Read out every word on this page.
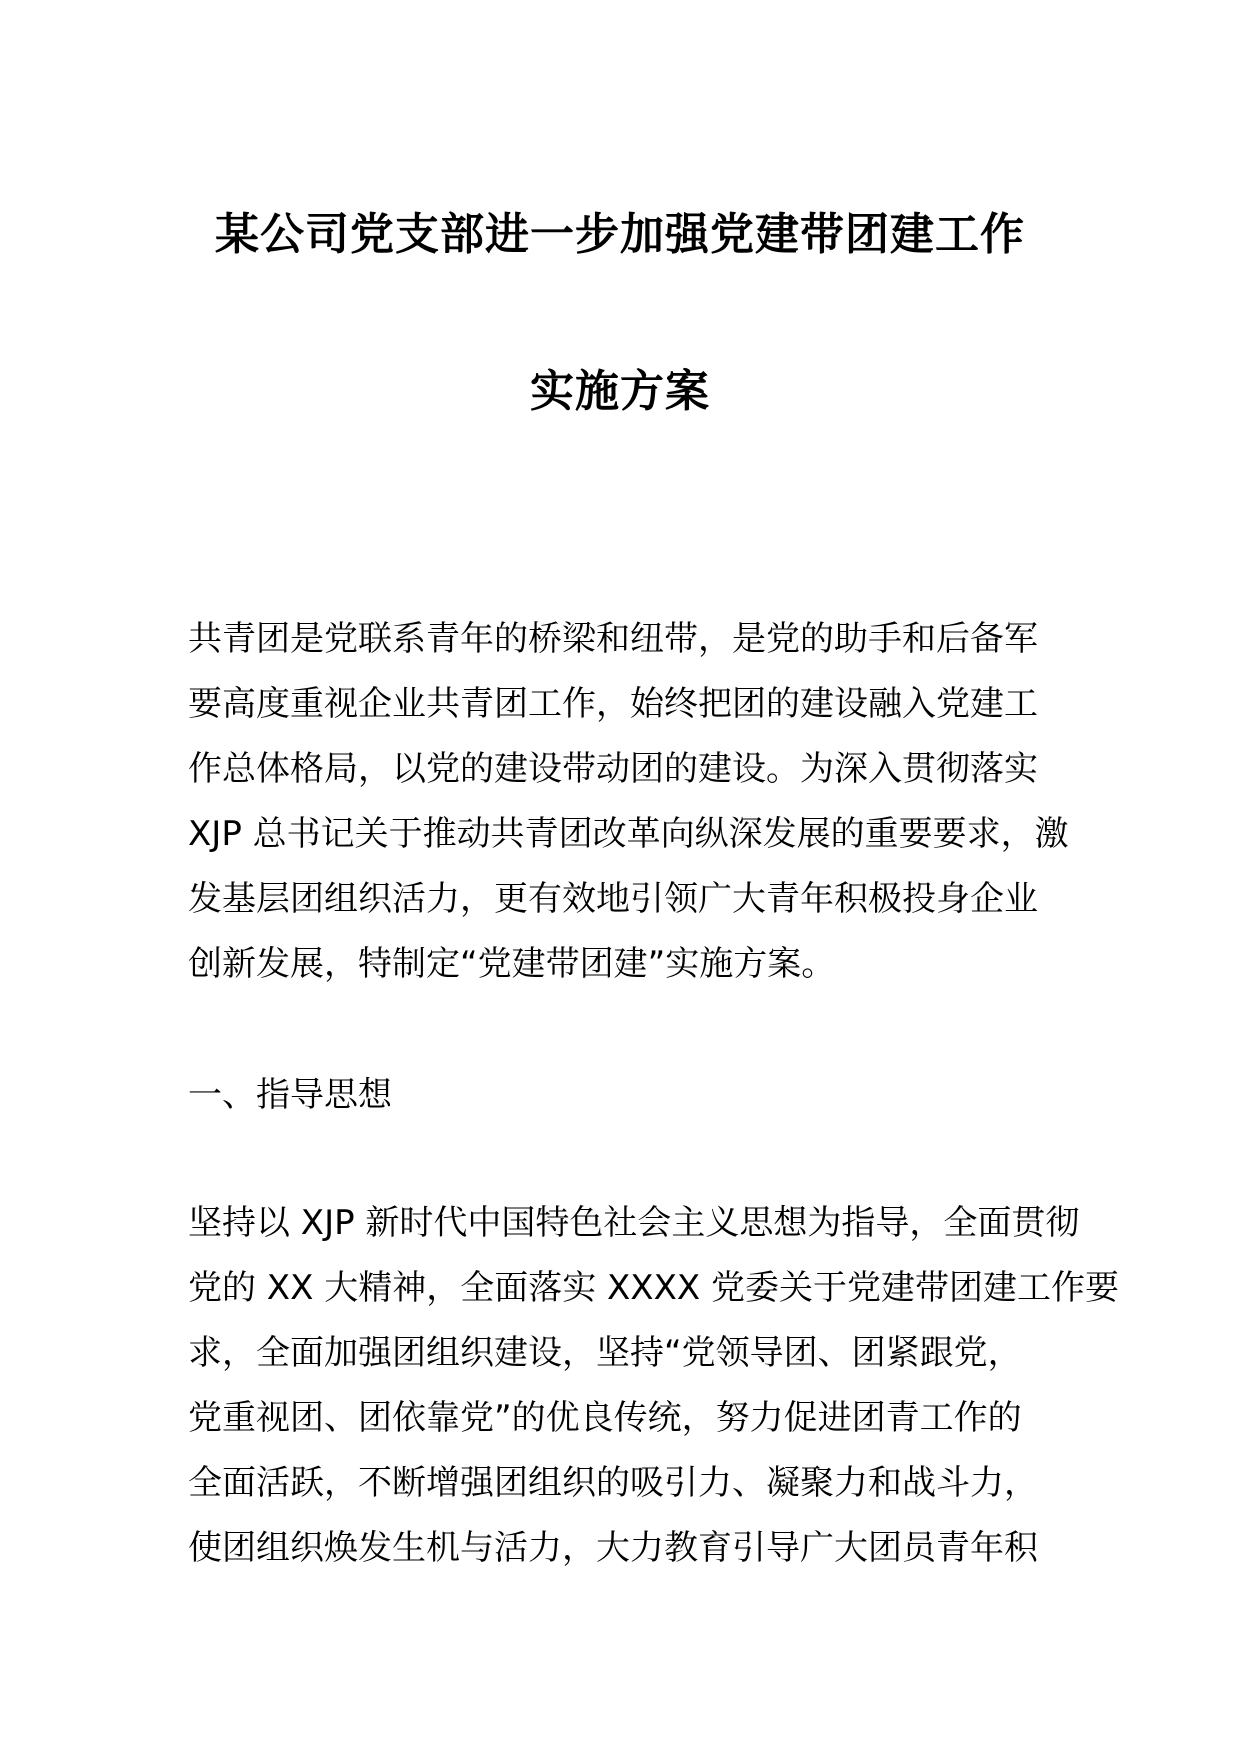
某公司党支部进一步加强党建带团建工作
实施方案
共青团是党联系青年的桥梁和纽带，是党的助手和后备军
要高度重视企业共青团工作，始终把团的建设融入党建工
作总体格局，以党的建设带动团的建设。为深入贯彻落实
XJP 总书记关于推动共青团改革向纵深发展的重要要求，激
发基层团组织活力，更有效地引领广大青年积极投身企业
创新发展，特制定“党建带团建”实施方案。
一、指导思想
坚持以 XJP 新时代中国特色社会主义思想为指导，全面贯彻
党的 XX 大精神，全面落实 XXXX 党委关于党建带团建工作要
求，全面加强团组织建设，坚持“党领导团、团紧跟党，
党重视团、团依靠党”的优良传统，努力促进团青工作的
全面活跃，不断增强团组织的吸引力、凝聚力和战斗力，
使团组织焕发生机与活力，大力教育引导广大团员青年积
